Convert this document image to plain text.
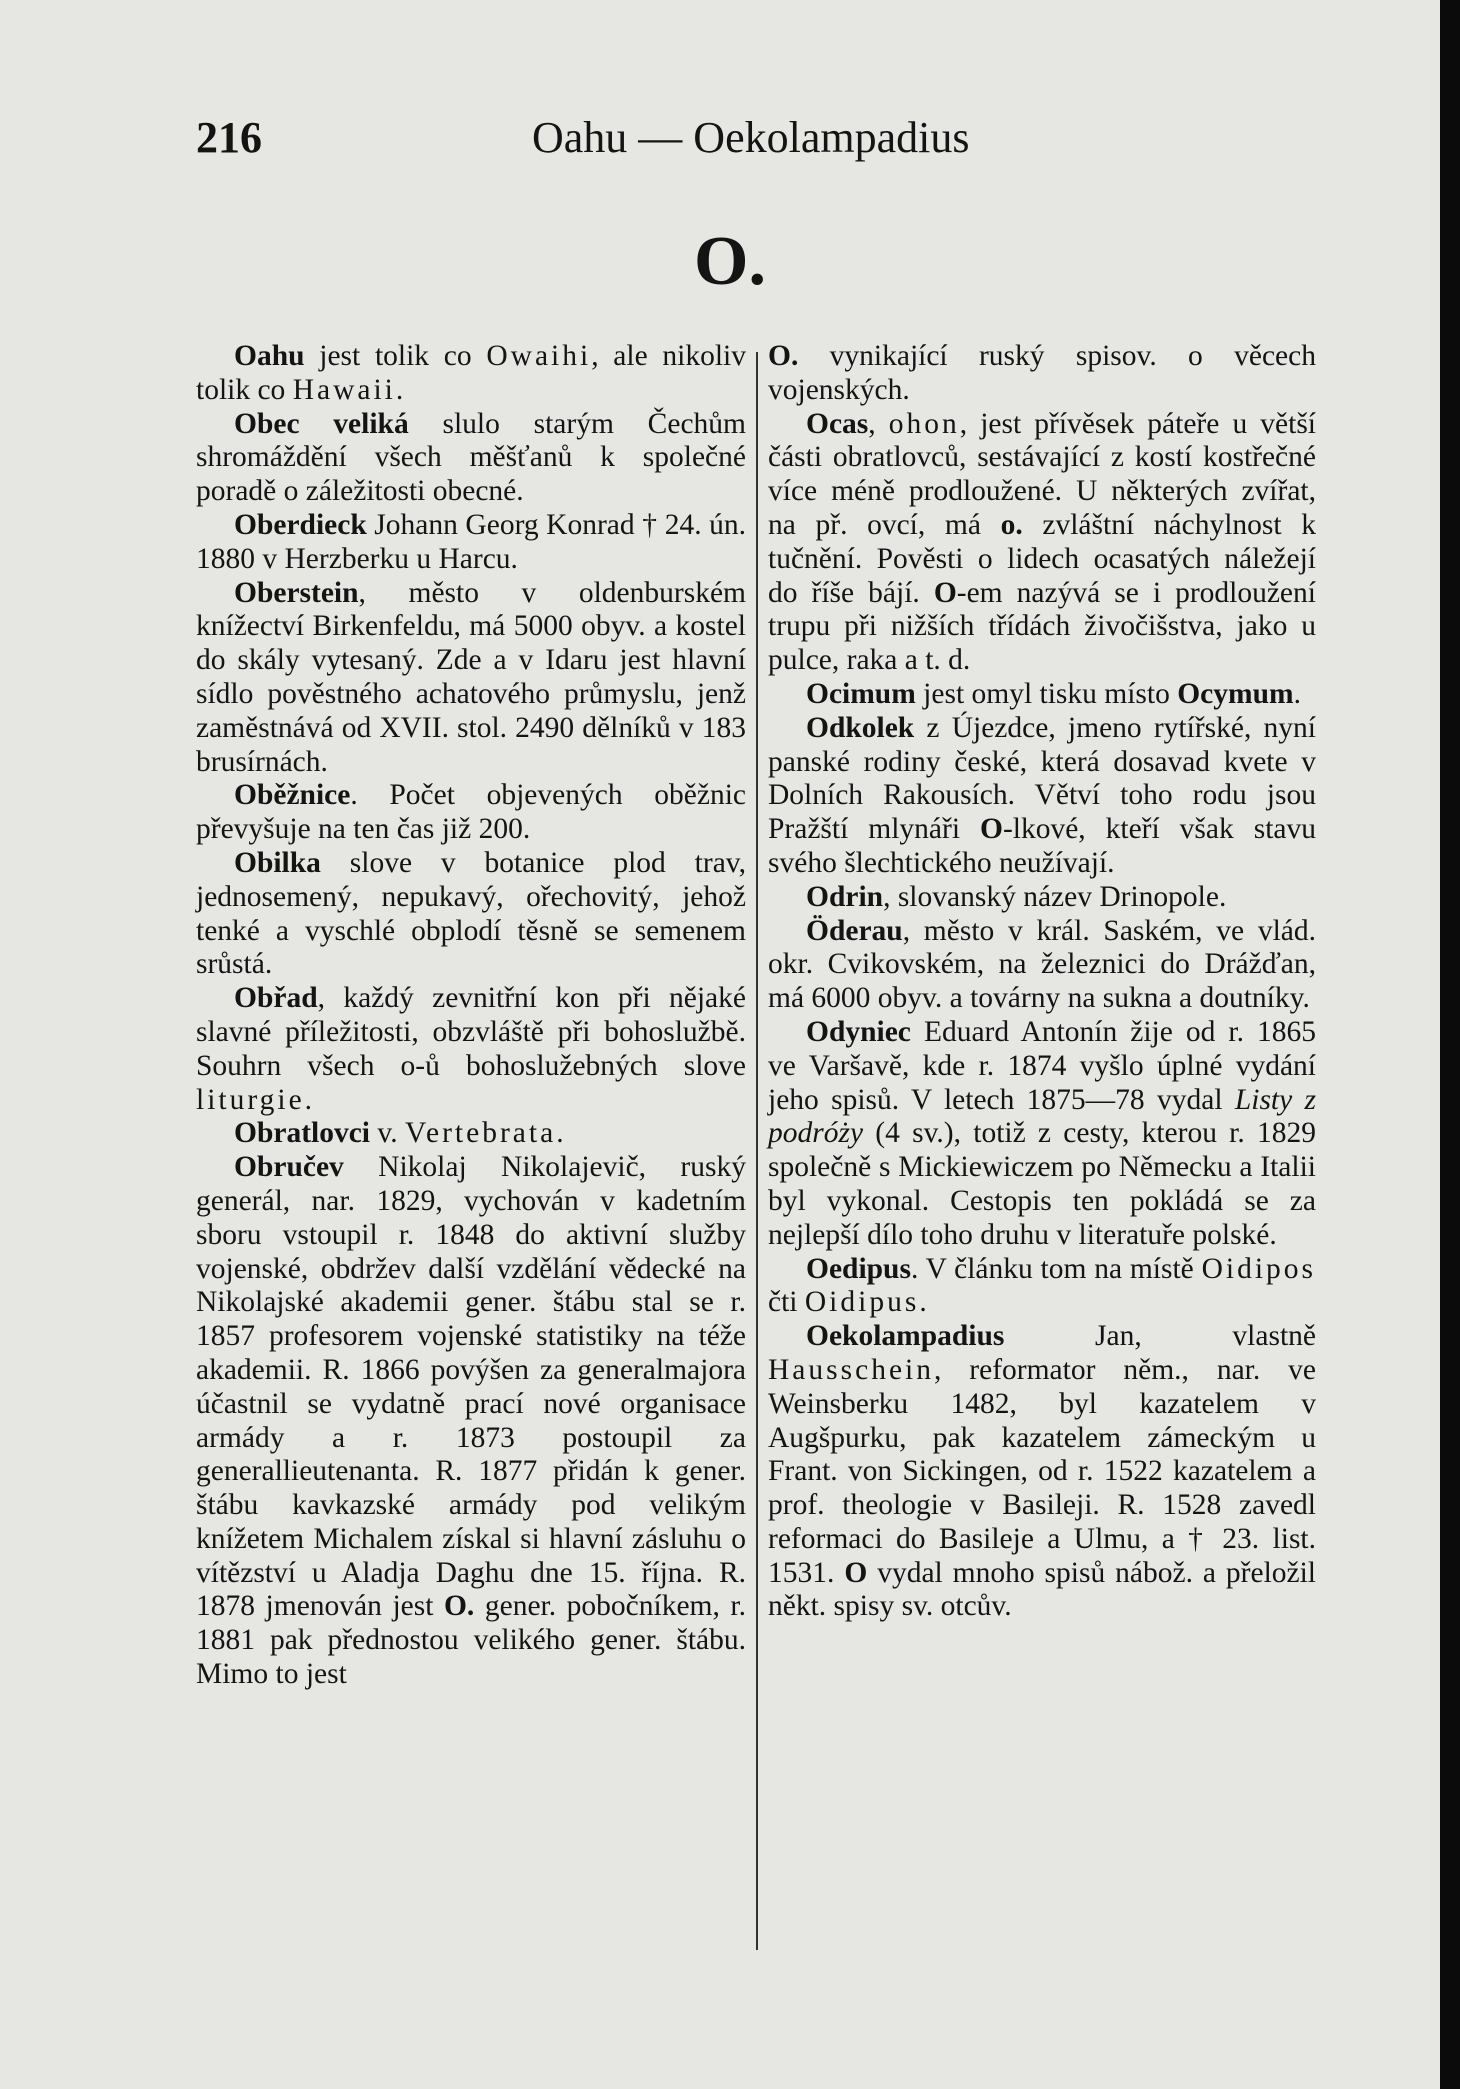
216	Oahu — Oekolampadius
O.

Oahu jest tolik co Owaihi, ale nikoliv tolik co Hawaii.

Obec veliká slulo starým Čechům shromáždění všech měšťanů k společné poradě o záležitosti obecné.

Oberdieck Johann Georg Konrad † 24. ún. 1880 v Herzberku u Harcu.

Oberstein, město v oldenburském knížectví Birkenfeldu, má 5000 obyv. a kostel do skály vytesaný. Zde a v Idaru jest hlavní sídlo pověstného achatového průmyslu, jenž zaměstnává od XVII. stol. 2490 dělníků v 183 brusírnách.

Oběžnice. Počet objevených oběžnic převyšuje na ten čas již 200.

Obilka slove v botanice plod trav, jednosemený, nepukavý, ořechovitý, jehož tenké a vyschlé obplodí těsně se semenem srůstá.

Obřad, každý zevnitřní kon při nějaké slavné příležitosti, obzvláště při bohoslužbě. Souhrn všech o-ů bohoslužebných slove liturgie.

Obratlovci v. Vertebrata.

Obručev Nikolaj Nikolajevič, ruský generál, nar. 1829, vychován v kadetním sboru vstoupil r. 1848 do aktivní služby vojenské, obdržev další vzdělání vědecké na Nikolajské akademii gener. štábu stal se r. 1857 profesorem vojenské statistiky na téže akademii. R. 1866 povýšen za generalmajora účastnil se vydatně prací nové organisace armády a r. 1873 postoupil za generallieutenanta. R. 1877 přidán k gener. štábu kavkazské armády pod velikým knížetem Michalem získal si hlavní zásluhu o vítězství u Aladja Daghu dne 15. října. R. 1878 jmenován jest O. gener. pobočníkem, r. 1881 pak přednostou velikého gener. štábu. Mimo to jest

O. vynikající ruský spisov. o věcech vojenských.

Ocas, ohon, jest přívěsek páteře u větší části obratlovců, sestávající z kostí kostřečné více méně prodloužené. U některých zvířat, na př. ovcí, má o. zvláštní náchylnost k tučnění. Pověsti o lidech ocasatých náležejí do říše bájí. O-em nazývá se i prodloužení trupu při nižších třídách živočišstva, jako u pulce, raka a t. d.

Ocimum jest omyl tisku místo Ocymum.

Odkolek z Újezdce, jmeno rytířské, nyní panské rodiny české, která dosavad kvete v Dolních Rakousích. Větví toho rodu jsou Pražští mlynáři O-lkové, kteří však stavu svého šlechtického neužívají.

Odrin, slovanský název Drinopole.

Öderau, město v král. Saském, ve vlád. okr. Cvikovském, na železnici do Drážďan, má 6000 obyv. a továrny na sukna a doutníky.

Odyniec Eduard Antonín žije od r. 1865 ve Varšavě, kde r. 1874 vyšlo úplné vydání jeho spisů. V letech 1875—78 vydal Listy z podróży (4 sv.), totiž z cesty, kterou r. 1829 společně s Mickiewiczem po Německu a Italii byl vykonal. Cestopis ten pokládá se za nejlepší dílo toho druhu v literatuře polské.

Oedipus. V článku tom na místě Oidipos čti Oidipus.

Oekolampadius Jan, vlastně Hausschein, reformator něm., nar. ve Weinsberku 1482, byl kazatelem v Augšpurku, pak kazatelem zámeckým u Frant. von Sickingen, od r. 1522 kazatelem a prof. theologie v Basileji. R. 1528 zavedl reformaci do Basileje a Ulmu, a † 23. list. 1531. O vydal mnoho spisů nábož. a přeložil někt. spisy sv. otcův.
